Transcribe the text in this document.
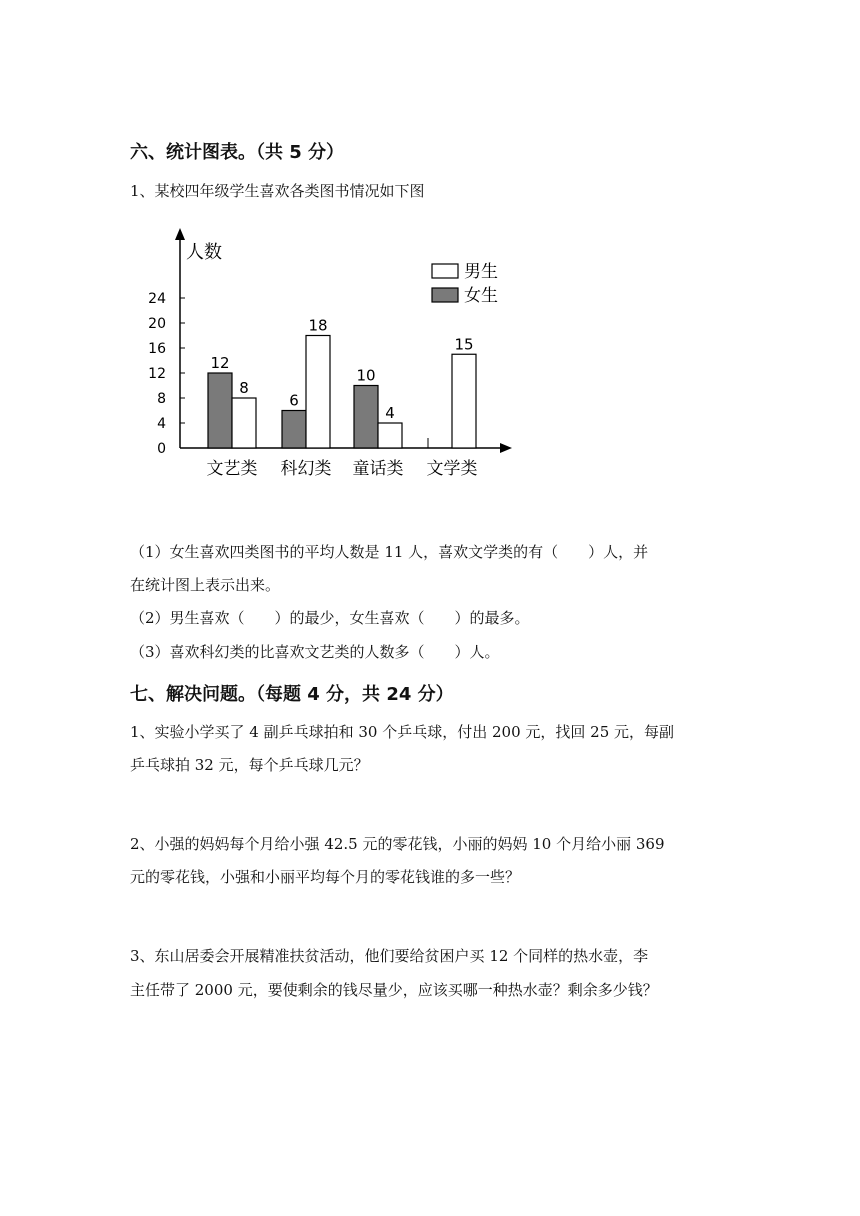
六、统计图表。（共 5 分）
1、某校四年级学生喜欢各类图书情况如下图
0
4
8
12
16
20
24
12
8
6
18
10
4
15
文艺类 科幻类 童话类 文学类
男生
女生
人数
（1）女生喜欢四类图书的平均人数是 11 人，喜欢文学类的有（　　）人，并
在统计图上表示出来。
（2）男生喜欢（　　）的最少，女生喜欢（　　）的最多。
（3）喜欢科幻类的比喜欢文艺类的人数多（　　）人。
七、解决问题。（每题 4 分，共 24 分）
1、实验小学买了 4 副乒乓球拍和 30 个乒乓球，付出 200 元，找回 25 元，每副
乒乓球拍 32 元，每个乒乓球几元？
2、小强的妈妈每个月给小强 42.5 元的零花钱，小丽的妈妈 10 个月给小丽 369
元的零花钱，小强和小丽平均每个月的零花钱谁的多一些？
3、东山居委会开展精准扶贫活动，他们要给贫困户买 12 个同样的热水壶，李
主任带了 2000 元，要使剩余的钱尽量少，应该买哪一种热水壶？剩余多少钱？
